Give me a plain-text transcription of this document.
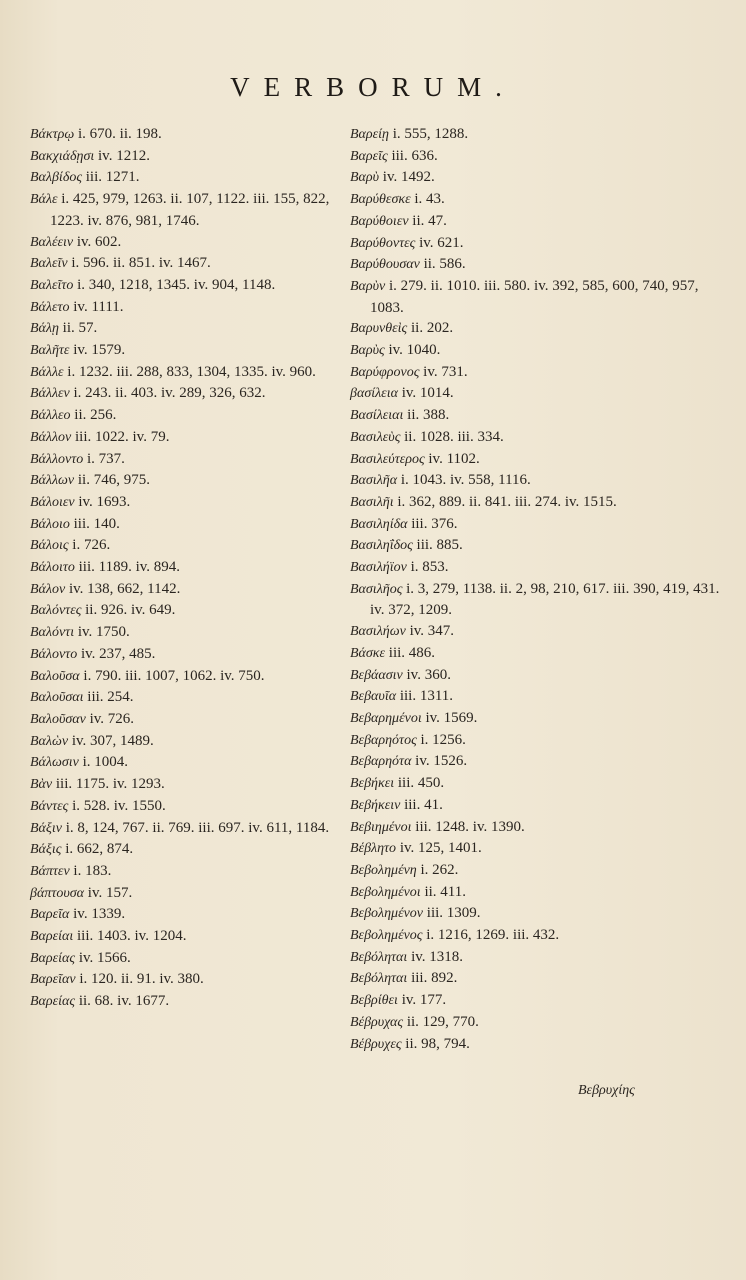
VERBORUM.
Βάκτρῳ i. 670. ii. 198.
Βακχιάδῃσι iv. 1212.
Βαλβίδος iii. 1271.
Βάλε i. 425, 979, 1263. ii. 107, 1122. iii. 155, 822, 1223. iv. 876, 981, 1746.
Βαλέειν iv. 602.
Βαλεῖν i. 596. ii. 851. iv. 1467.
Βαλεῖτο i. 340, 1218, 1345. iv. 904, 1148.
Βάλετο iv. 1111.
Βάλῃ ii. 57.
Βαλῆτε iv. 1579.
Βάλλε i. 1232. iii. 288, 833, 1304, 1335. iv. 960.
Βάλλεν i. 243. ii. 403. iv. 289, 326, 632.
Βάλλεο ii. 256.
Βάλλον iii. 1022. iv. 79.
Βάλλοντο i. 737.
Βάλλων ii. 746, 975.
Βάλοιεν iv. 1693.
Βάλοιο iii. 140.
Βάλοις i. 726.
Βάλοιτο iii. 1189. iv. 894.
Βάλον iv. 138, 662, 1142.
Βαλόντες ii. 926. iv. 649.
Βαλόντι iv. 1750.
Βάλοντο iv. 237, 485.
Βαλοῦσα i. 790. iii. 1007, 1062. iv. 750.
Βαλοῦσαι iii. 254.
Βαλοῦσαν iv. 726.
Βαλὼν iv. 307, 1489.
Βάλωσιν i. 1004.
Βὰν iii. 1175. iv. 1293.
Βάντες i. 528. iv. 1550.
Βάξιν i. 8, 124, 767. ii. 769. iii. 697. iv. 611, 1184.
Βάξις i. 662, 874.
Βάπτεν i. 183.
βάπτουσα iv. 157.
Βαρεῖα iv. 1339.
Βαρείαι iii. 1403. iv. 1204.
Βαρείας iv. 1566.
Βαρεῖαν i. 120. ii. 91. iv. 380.
Βαρείας ii. 68. iv. 1677.
Βαρείῃ i. 555, 1288.
Βαρεῖς iii. 636.
Βαρὺ iv. 1492.
Βαρύθεσκε i. 43.
Βαρύθοιεν ii. 47.
Βαρύθοντες iv. 621.
Βαρύθουσαν ii. 586.
Βαρὺν i. 279. ii. 1010. iii. 580. iv. 392, 585, 600, 740, 957, 1083.
Βαρυνθεὶς ii. 202.
Βαρὺς iv. 1040.
Βαρύφρονος iv. 731.
βασίλεια iv. 1014.
Βασίλειαι ii. 388.
Βασιλεὺς ii. 1028. iii. 334.
Βασιλεύτερος iv. 1102.
Βασιλῆα i. 1043. iv. 558, 1116.
Βασιλῆι i. 362, 889. ii. 841. iii. 274. iv. 1515.
Βασιληίδα iii. 376.
Βασιληΐδος iii. 885.
Βασιλήϊον i. 853.
Βασιλῆος i. 3, 279, 1138. ii. 2, 98, 210, 617. iii. 390, 419, 431. iv. 372, 1209.
Βασιλήων iv. 347.
Βάσκε iii. 486.
Βεβάασιν iv. 360.
Βεβαυῖα iii. 1311.
Βεβαρημένοι iv. 1569.
Βεβαρηότος i. 1256.
Βεβαρηότα iv. 1526.
Βεβήκει iii. 450.
Βεβήκειν iii. 41.
Βεβιημένοι iii. 1248. iv. 1390.
Βέβλητο iv. 125, 1401.
Βεβολημένη i. 262.
Βεβολημένοι ii. 411.
Βεβολημένον iii. 1309.
Βεβολημένος i. 1216, 1269. iii. 432.
Βεβόληται iv. 1318.
Βεβόληται iii. 892.
Βεβρίθει iv. 177.
Βέβρυχας ii. 129, 770.
Βέβρυχες ii. 98, 794.
Βεβρυχίης
